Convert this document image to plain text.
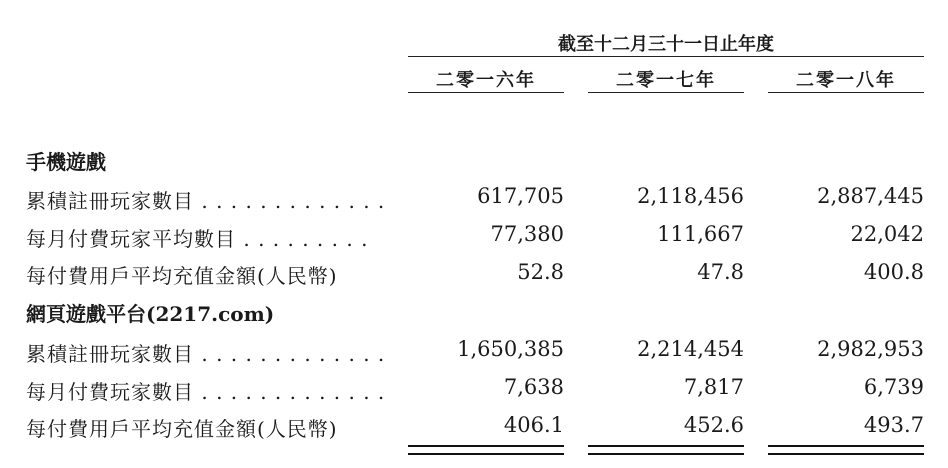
截至十二月三十一日止年度
二零一六年	二零一七年	二零一八年
手機遊戲
累積註冊玩家數目 . . . . . . . . . . . . .	617,705	2,118,456	2,887,445
每月付費玩家平均數目 . . . . . . . . .	77,380	111,667	22,042
每付費用戶平均充值金額(人民幣)	52.8	47.8	400.8
網頁遊戲平台(2217.com)
累積註冊玩家數目 . . . . . . . . . . . . .	1,650,385	2,214,454	2,982,953
每月付費玩家數目 . . . . . . . . . . . . .	7,638	7,817	6,739
每付費用戶平均充值金額(人民幣)	406.1	452.6	493.7
